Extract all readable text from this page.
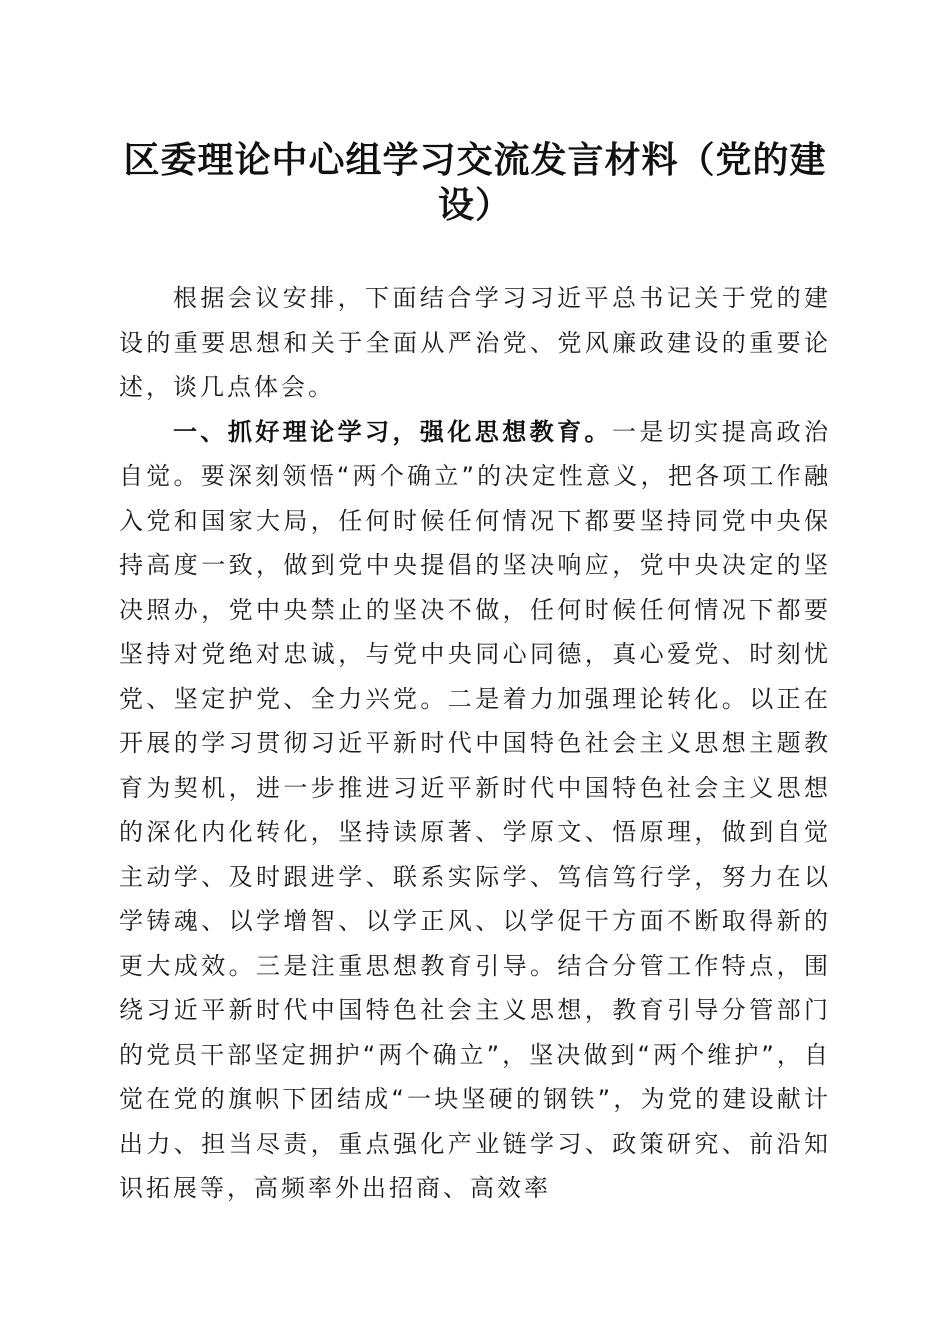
区委理论中心组学习交流发言材料（党的建设）

根据会议安排，下面结合学习习近平总书记关于党的建设的重要思想和关于全面从严治党、党风廉政建设的重要论述，谈几点体会。

一、抓好理论学习，强化思想教育。一是切实提高政治自觉。要深刻领悟“两个确立”的决定性意义，把各项工作融入党和国家大局，任何时候任何情况下都要坚持同党中央保持高度一致，做到党中央提倡的坚决响应，党中央决定的坚决照办，党中央禁止的坚决不做，任何时候任何情况下都要坚持对党绝对忠诚，与党中央同心同德，真心爱党、时刻忧党、坚定护党、全力兴党。二是着力加强理论转化。以正在开展的学习贯彻习近平新时代中国特色社会主义思想主题教育为契机，进一步推进习近平新时代中国特色社会主义思想的深化内化转化，坚持读原著、学原文、悟原理，做到自觉主动学、及时跟进学、联系实际学、笃信笃行学，努力在以学铸魂、以学增智、以学正风、以学促干方面不断取得新的更大成效。三是注重思想教育引导。结合分管工作特点，围绕习近平新时代中国特色社会主义思想，教育引导分管部门的党员干部坚定拥护“两个确立”，坚决做到“两个维护”，自觉在党的旗帜下团结成“一块坚硬的钢铁”，为党的建设献计出力、担当尽责，重点强化产业链学习、政策研究、前沿知识拓展等，高频率外出招商、高效率
